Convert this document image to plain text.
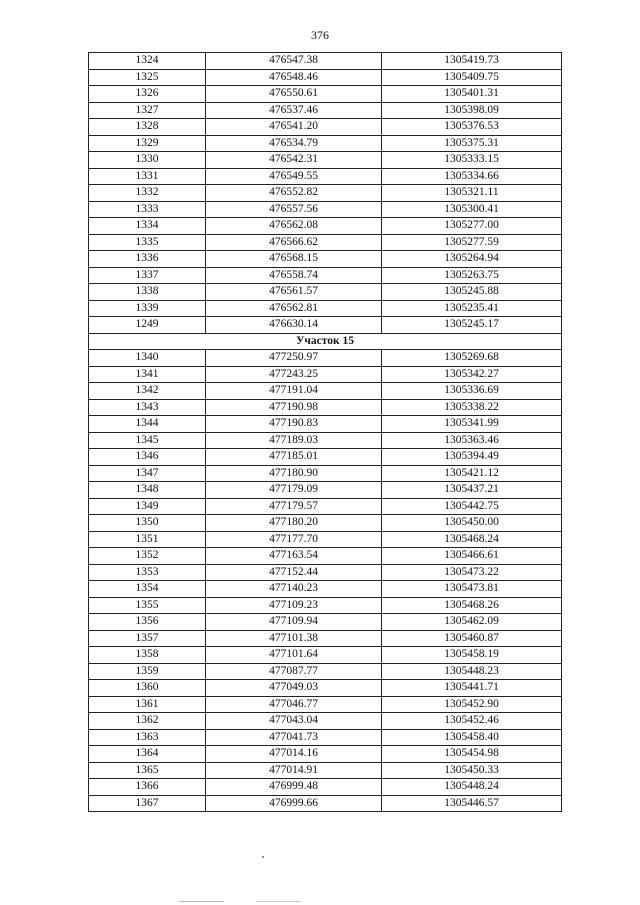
376
1324	476547.38	1305419.73
1325	476548.46	1305409.75
1326	476550.61	1305401.31
1327	476537.46	1305398.09
1328	476541.20	1305376.53
1329	476534.79	1305375.31
1330	476542.31	1305333.15
1331	476549.55	1305334.66
1332	476552.82	1305321.11
1333	476557.56	1305300.41
1334	476562.08	1305277.00
1335	476566.62	1305277.59
1336	476568.15	1305264.94
1337	476558.74	1305263.75
1338	476561.57	1305245.88
1339	476562.81	1305235.41
1249	476630.14	1305245.17
Участок 15		
1340	477250.97	1305269.68
1341	477243.25	1305342.27
1342	477191.04	1305336.69
1343	477190.98	1305338.22
1344	477190.83	1305341.99
1345	477189.03	1305363.46
1346	477185.01	1305394.49
1347	477180.90	1305421.12
1348	477179.09	1305437.21
1349	477179.57	1305442.75
1350	477180.20	1305450.00
1351	477177.70	1305468.24
1352	477163.54	1305466.61
1353	477152.44	1305473.22
1354	477140.23	1305473.81
1355	477109.23	1305468.26
1356	477109.94	1305462.09
1357	477101.38	1305460.87
1358	477101.64	1305458.19
1359	477087.77	1305448.23
1360	477049.03	1305441.71
1361	477046.77	1305452.90
1362	477043.04	1305452.46
1363	477041.73	1305458.40
1364	477014.16	1305454.98
1365	477014.91	1305450.33
1366	476999.48	1305448.24
1367	476999.66	1305446.57
